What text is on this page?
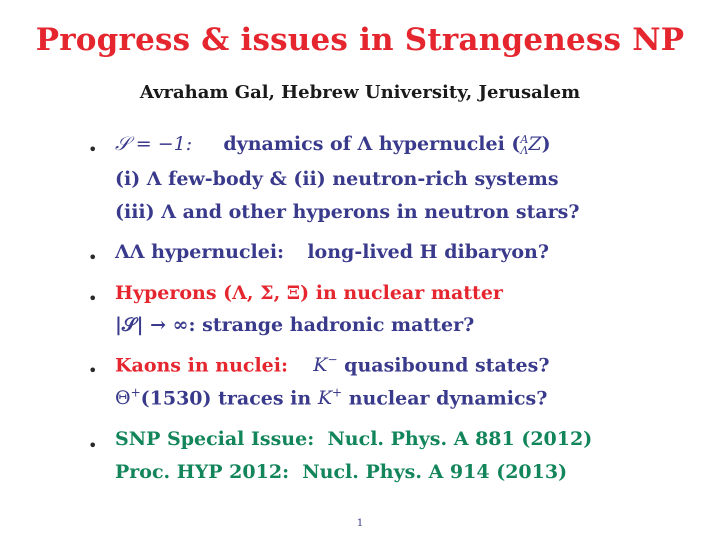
Progress & issues in Strangeness NP
Avraham Gal, Hebrew University, Jerusalem
• 𝒮 = −1: dynamics of Λ hypernuclei ( A
Λ Z)
(i) Λ few-body & (ii) neutron-rich systems
(iii) Λ and other hyperons in neutron stars?
• ΛΛ hypernuclei: long-lived H dibaryon?
• Hyperons (Λ, Σ, Ξ) in nuclear matter
|𝒮| → ∞: strange hadronic matter?
• Kaons in nuclei: K− quasibound states?
Θ+(1530) traces in K+ nuclear dynamics?
• SNP Special Issue:  Nucl. Phys. A 881 (2012)
Proc. HYP 2012:  Nucl. Phys. A 914 (2013)
1
